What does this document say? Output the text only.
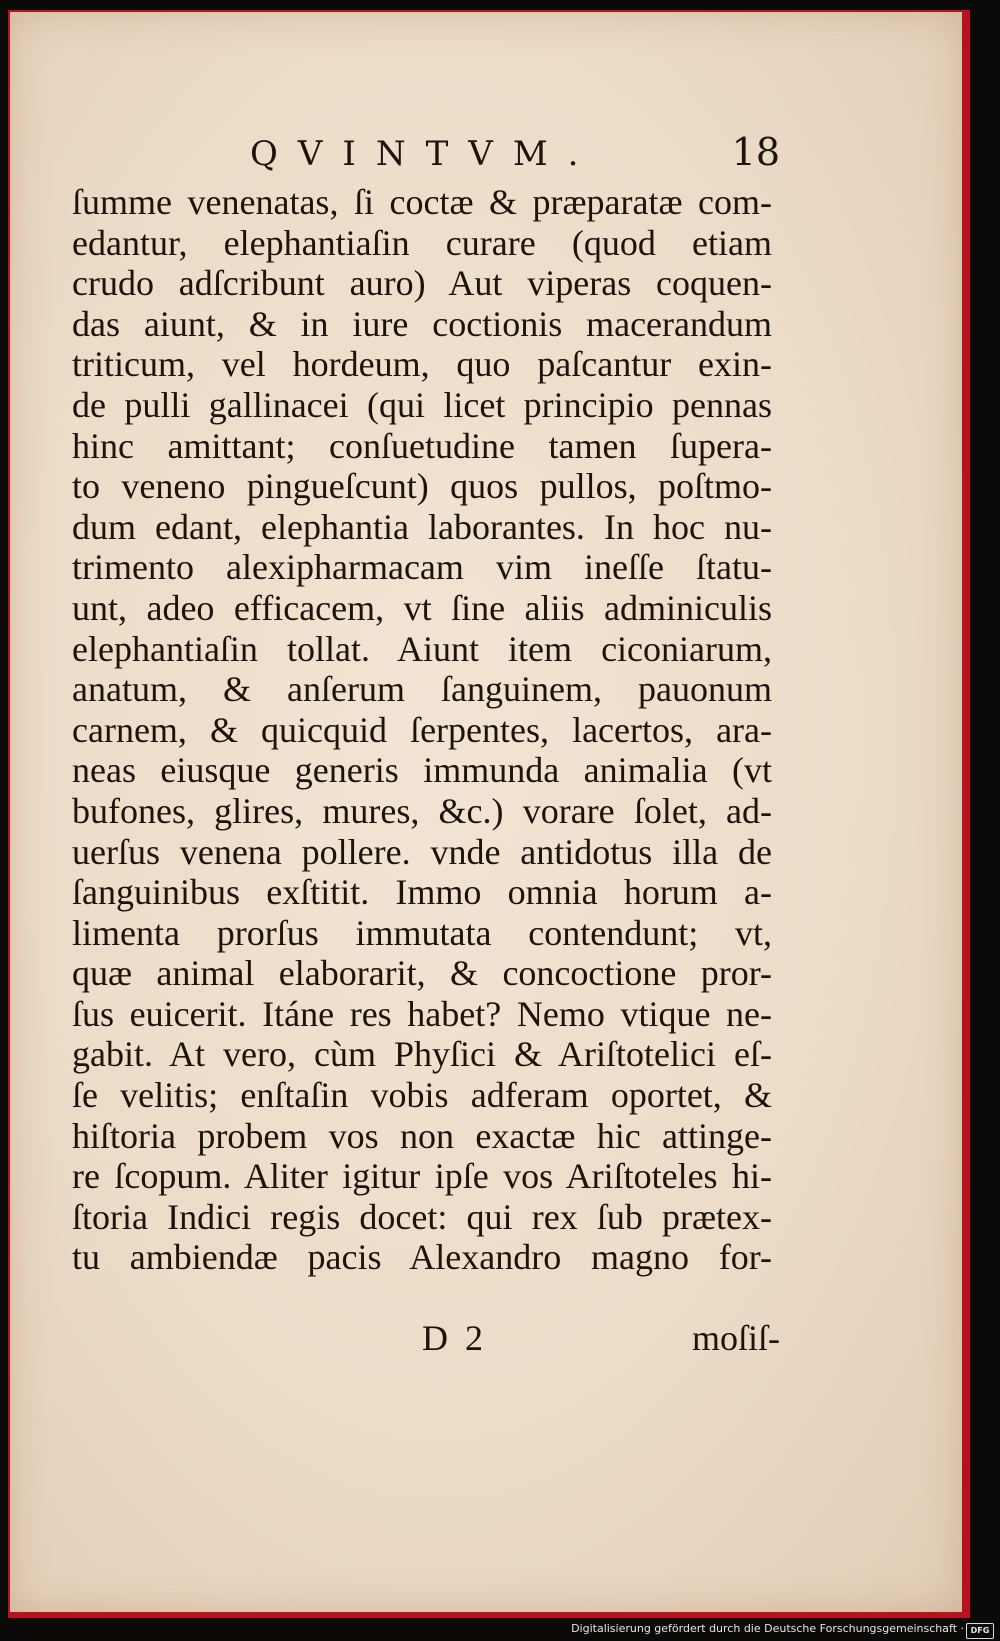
QVINTVM.	18
ſumme venenatas, ſi coctæ & præparatæ com-
edantur, elephantiaſin curare (quod etiam
crudo adſcribunt auro) Aut viperas coquen-
das aiunt, & in iure coctionis macerandum
triticum, vel hordeum, quo paſcantur exin-
de pulli gallinacei (qui licet principio pennas
hinc amittant; conſuetudine tamen ſupera-
to veneno pingueſcunt) quos pullos, poſtmo-
dum edant, elephantia laborantes. In hoc nu-
trimento alexipharmacam vim ineſſe ſtatu-
unt, adeo efficacem, vt ſine aliis adminiculis
elephantiaſin tollat. Aiunt item ciconiarum,
anatum, & anſerum ſanguinem, pauonum
carnem, & quicquid ſerpentes, lacertos, ara-
neas eiusque generis immunda animalia (vt
bufones, glires, mures, &c.) vorare ſolet, ad-
uerſus venena pollere. vnde antidotus illa de
ſanguinibus exſtitit. Immo omnia horum a-
limenta prorſus immutata contendunt; vt,
quæ animal elaborarit, & concoctione pror-
ſus euicerit. Itáne res habet? Nemo vtique ne-
gabit. At vero, cùm Phyſici & Ariſtotelici eſ-
ſe velitis; enſtaſin vobis adferam oportet, &
hiſtoria probem vos non exactæ hic attinge-
re ſcopum. Aliter igitur ipſe vos Ariſtoteles hi-
ſtoria Indici regis docet: qui rex ſub prætex-
tu ambiendæ pacis Alexandro magno for-
D 2	moſiſ-
Digitalisierung gefördert durch die Deutsche Forschungsgemeinschaft · DFG
